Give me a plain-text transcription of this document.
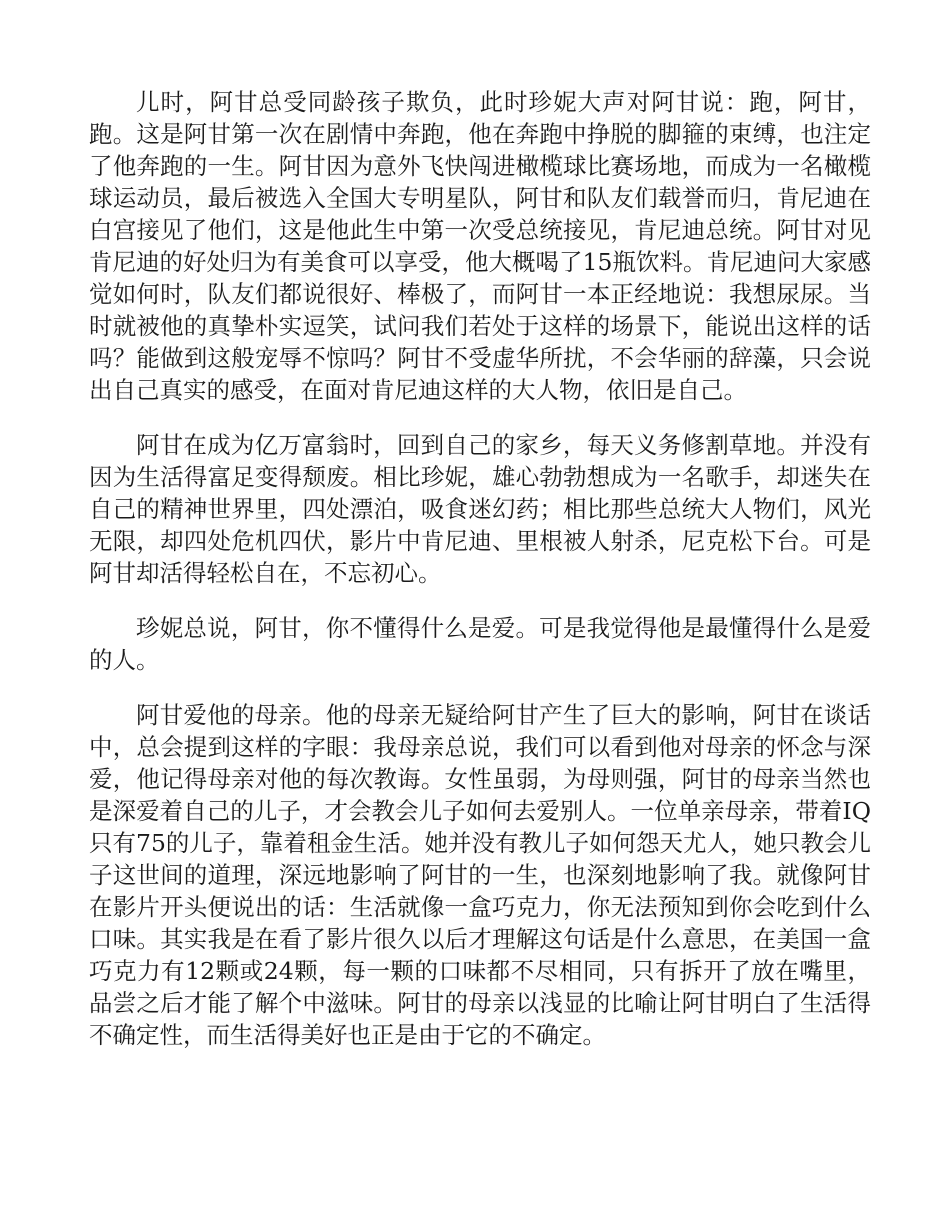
儿时，阿甘总受同龄孩子欺负，此时珍妮大声对阿甘说：跑，阿甘，跑。这是阿甘第一次在剧情中奔跑，他在奔跑中挣脱的脚箍的束缚，也注定了他奔跑的一生。阿甘因为意外飞快闯进橄榄球比赛场地，而成为一名橄榄球运动员，最后被选入全国大专明星队，阿甘和队友们载誉而归，肯尼迪在白宫接见了他们，这是他此生中第一次受总统接见，肯尼迪总统。阿甘对见肯尼迪的好处归为有美食可以享受，他大概喝了15瓶饮料。肯尼迪问大家感觉如何时，队友们都说很好、棒极了，而阿甘一本正经地说：我想尿尿。当时就被他的真挚朴实逗笑，试问我们若处于这样的场景下，能说出这样的话吗？能做到这般宠辱不惊吗？阿甘不受虚华所扰，不会华丽的辞藻，只会说出自己真实的感受，在面对肯尼迪这样的大人物，依旧是自己。

阿甘在成为亿万富翁时，回到自己的家乡，每天义务修割草地。并没有因为生活得富足变得颓废。相比珍妮，雄心勃勃想成为一名歌手，却迷失在自己的精神世界里，四处漂泊，吸食迷幻药；相比那些总统大人物们，风光无限，却四处危机四伏，影片中肯尼迪、里根被人射杀，尼克松下台。可是阿甘却活得轻松自在，不忘初心。

珍妮总说，阿甘，你不懂得什么是爱。可是我觉得他是最懂得什么是爱的人。

阿甘爱他的母亲。他的母亲无疑给阿甘产生了巨大的影响，阿甘在谈话中，总会提到这样的字眼：我母亲总说，我们可以看到他对母亲的怀念与深爱，他记得母亲对他的每次教诲。女性虽弱，为母则强，阿甘的母亲当然也是深爱着自己的儿子，才会教会儿子如何去爱别人。一位单亲母亲，带着IQ只有75的儿子，靠着租金生活。她并没有教儿子如何怨天尤人，她只教会儿子这世间的道理，深远地影响了阿甘的一生，也深刻地影响了我。就像阿甘在影片开头便说出的话：生活就像一盒巧克力，你无法预知到你会吃到什么口味。其实我是在看了影片很久以后才理解这句话是什么意思，在美国一盒巧克力有12颗或24颗，每一颗的口味都不尽相同，只有拆开了放在嘴里，品尝之后才能了解个中滋味。阿甘的母亲以浅显的比喻让阿甘明白了生活得不确定性，而生活得美好也正是由于它的不确定。
